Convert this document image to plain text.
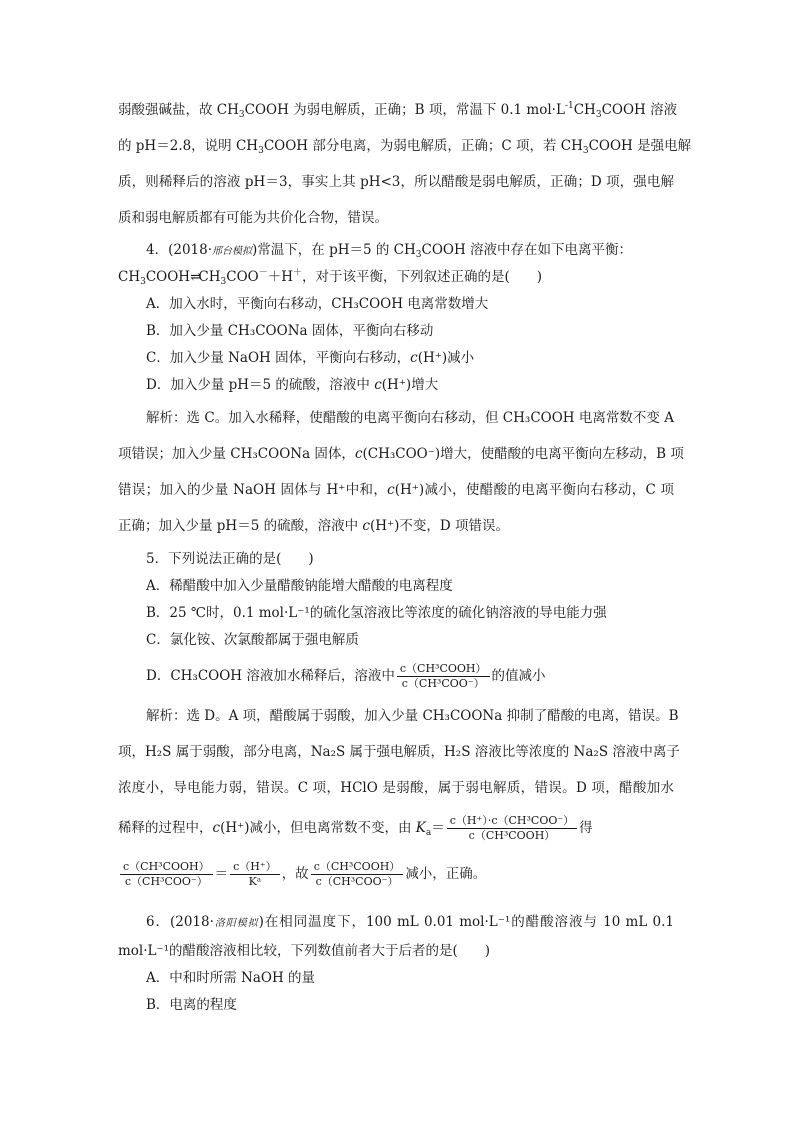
弱酸强碱盐，故 $CH_3COOH$ 为弱电解质，正确；B 项，常温下 0.1 $mol\cdot L^{-1}CH_3COOH$ 溶液
的 pH＝2.8，说明 $CH_3COOH$ 部分电离，为弱电解质，正确；C 项，若 $CH_3COOH$ 是强电解
质，则稀释后的溶液 pH＝3，事实上其 pH<3，所以醋酸是弱电解质，正确；D 项，强电解
质和弱电解质都有可能为共价化合物，错误。
4．(2018·邢台模拟)常温下，在 pH＝5 的 $CH_3COOH$ 溶液中存在如下电离平衡：
$CH_3COOH\rightleftharpoons CH_3COO^-+H^+$，对于该平衡，下列叙述正确的是(　　)
A．加入水时，平衡向右移动，CH₃COOH 电离常数增大
B．加入少量 CH₃COONa 固体，平衡向右移动
C．加入少量 NaOH 固体，平衡向右移动，c(H⁺)减小
D．加入少量 pH＝5 的硫酸，溶液中 c(H⁺)增大
解析：选 C。加入水稀释，使醋酸的电离平衡向右移动，但 CH₃COOH 电离常数不变 A
项错误；加入少量 CH₃COONa 固体，c(CH₃COO⁻)增大，使醋酸的电离平衡向左移动，B 项
错误；加入的少量 NaOH 固体与 H⁺中和，c(H⁺)减小，使醋酸的电离平衡向右移动，C 项
正确；加入少量 pH＝5 的硫酸，溶液中 c(H⁺)不变，D 项错误。
5．下列说法正确的是(　　)
A．稀醋酸中加入少量醋酸钠能增大醋酸的电离程度
B．25 ℃时，0.1 mol·L⁻¹的硫化氢溶液比等浓度的硫化钠溶液的导电能力强
C．氯化铵、次氯酸都属于强电解质
D．CH₃COOH 溶液加水稀释后，溶液中 $\frac{\text{c（CH³COOH）}}{\text{c（CH³COO⁻）}}$ 的值减小
解析：选 D。A 项，醋酸属于弱酸，加入少量 CH₃COONa 抑制了醋酸的电离，错误。B
项，H₂S 属于弱酸，部分电离，Na₂S 属于强电解质，H₂S 溶液比等浓度的 Na₂S 溶液中离子
浓度小，导电能力弱，错误。C 项，HClO 是弱酸，属于弱电解质，错误。D 项，醋酸加水
稀释的过程中，c(H⁺)减小，但电离常数不变，由 $K_a= \frac{\text{c（H⁺）·c（CH³COO⁻）}}{\text{c（CH³COOH）}}$ 得
$\frac{\text{c（CH³COOH）}}{\text{c（CH³COO⁻）}} = \frac{c(H^+)}{\text{Kᵃ}}$ ，故 $\frac{\text{c（CH³COOH）}}{\text{c（CH³COO⁻）}}$ 减小，正确。
6．(2018·洛阳模拟)在相同温度下，100 mL 0.01 mol·L⁻¹的醋酸溶液与 10 mL 0.1
mol·L⁻¹的醋酸溶液相比较，下列数值前者大于后者的是(　　)
A．中和时所需 NaOH 的量
B．电离的程度
